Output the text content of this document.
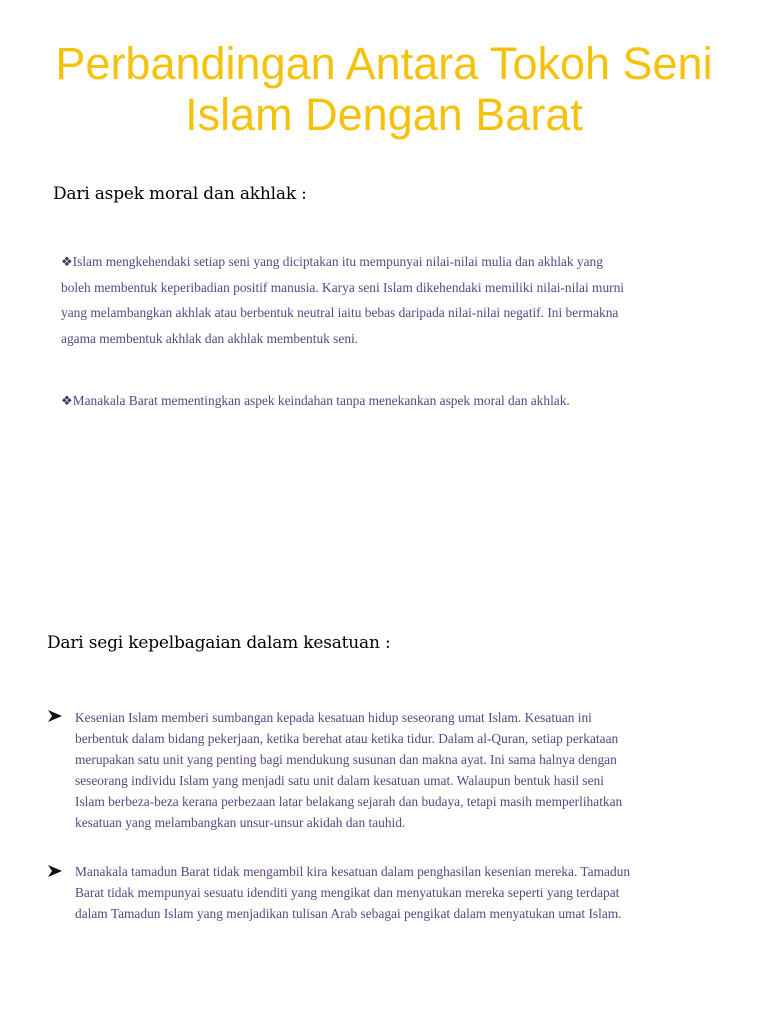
Perbandingan Antara Tokoh Seni
Islam Dengan Barat
Dari aspek moral dan akhlak :
❖Islam mengkehendaki setiap seni yang diciptakan itu mempunyai nilai-nilai mulia dan akhlak yang
boleh membentuk keperibadian positif manusia. Karya seni Islam dikehendaki memiliki nilai-nilai murni
yang melambangkan akhlak atau berbentuk neutral iaitu bebas daripada nilai-nilai negatif. Ini bermakna
agama membentuk akhlak dan akhlak membentuk seni.
❖Manakala Barat mementingkan aspek keindahan tanpa menekankan aspek moral dan akhlak.
Dari segi kepelbagaian dalam kesatuan :
Kesenian Islam memberi sumbangan kepada kesatuan hidup seseorang umat Islam. Kesatuan ini
berbentuk dalam bidang pekerjaan, ketika berehat atau ketika tidur. Dalam al-Quran, setiap perkataan
merupakan satu unit yang penting bagi mendukung susunan dan makna ayat. Ini sama halnya dengan
seseorang individu Islam yang menjadi satu unit dalam kesatuan umat. Walaupun bentuk hasil seni
Islam berbeza-beza kerana perbezaan latar belakang sejarah dan budaya, tetapi masih memperlihatkan
kesatuan yang melambangkan unsur-unsur akidah dan tauhid.
Manakala tamadun Barat tidak mengambil kira kesatuan dalam penghasilan kesenian mereka. Tamadun
Barat tidak mempunyai sesuatu idenditi yang mengikat dan menyatukan mereka seperti yang terdapat
dalam Tamadun Islam yang menjadikan tulisan Arab sebagai pengikat dalam menyatukan umat Islam.
